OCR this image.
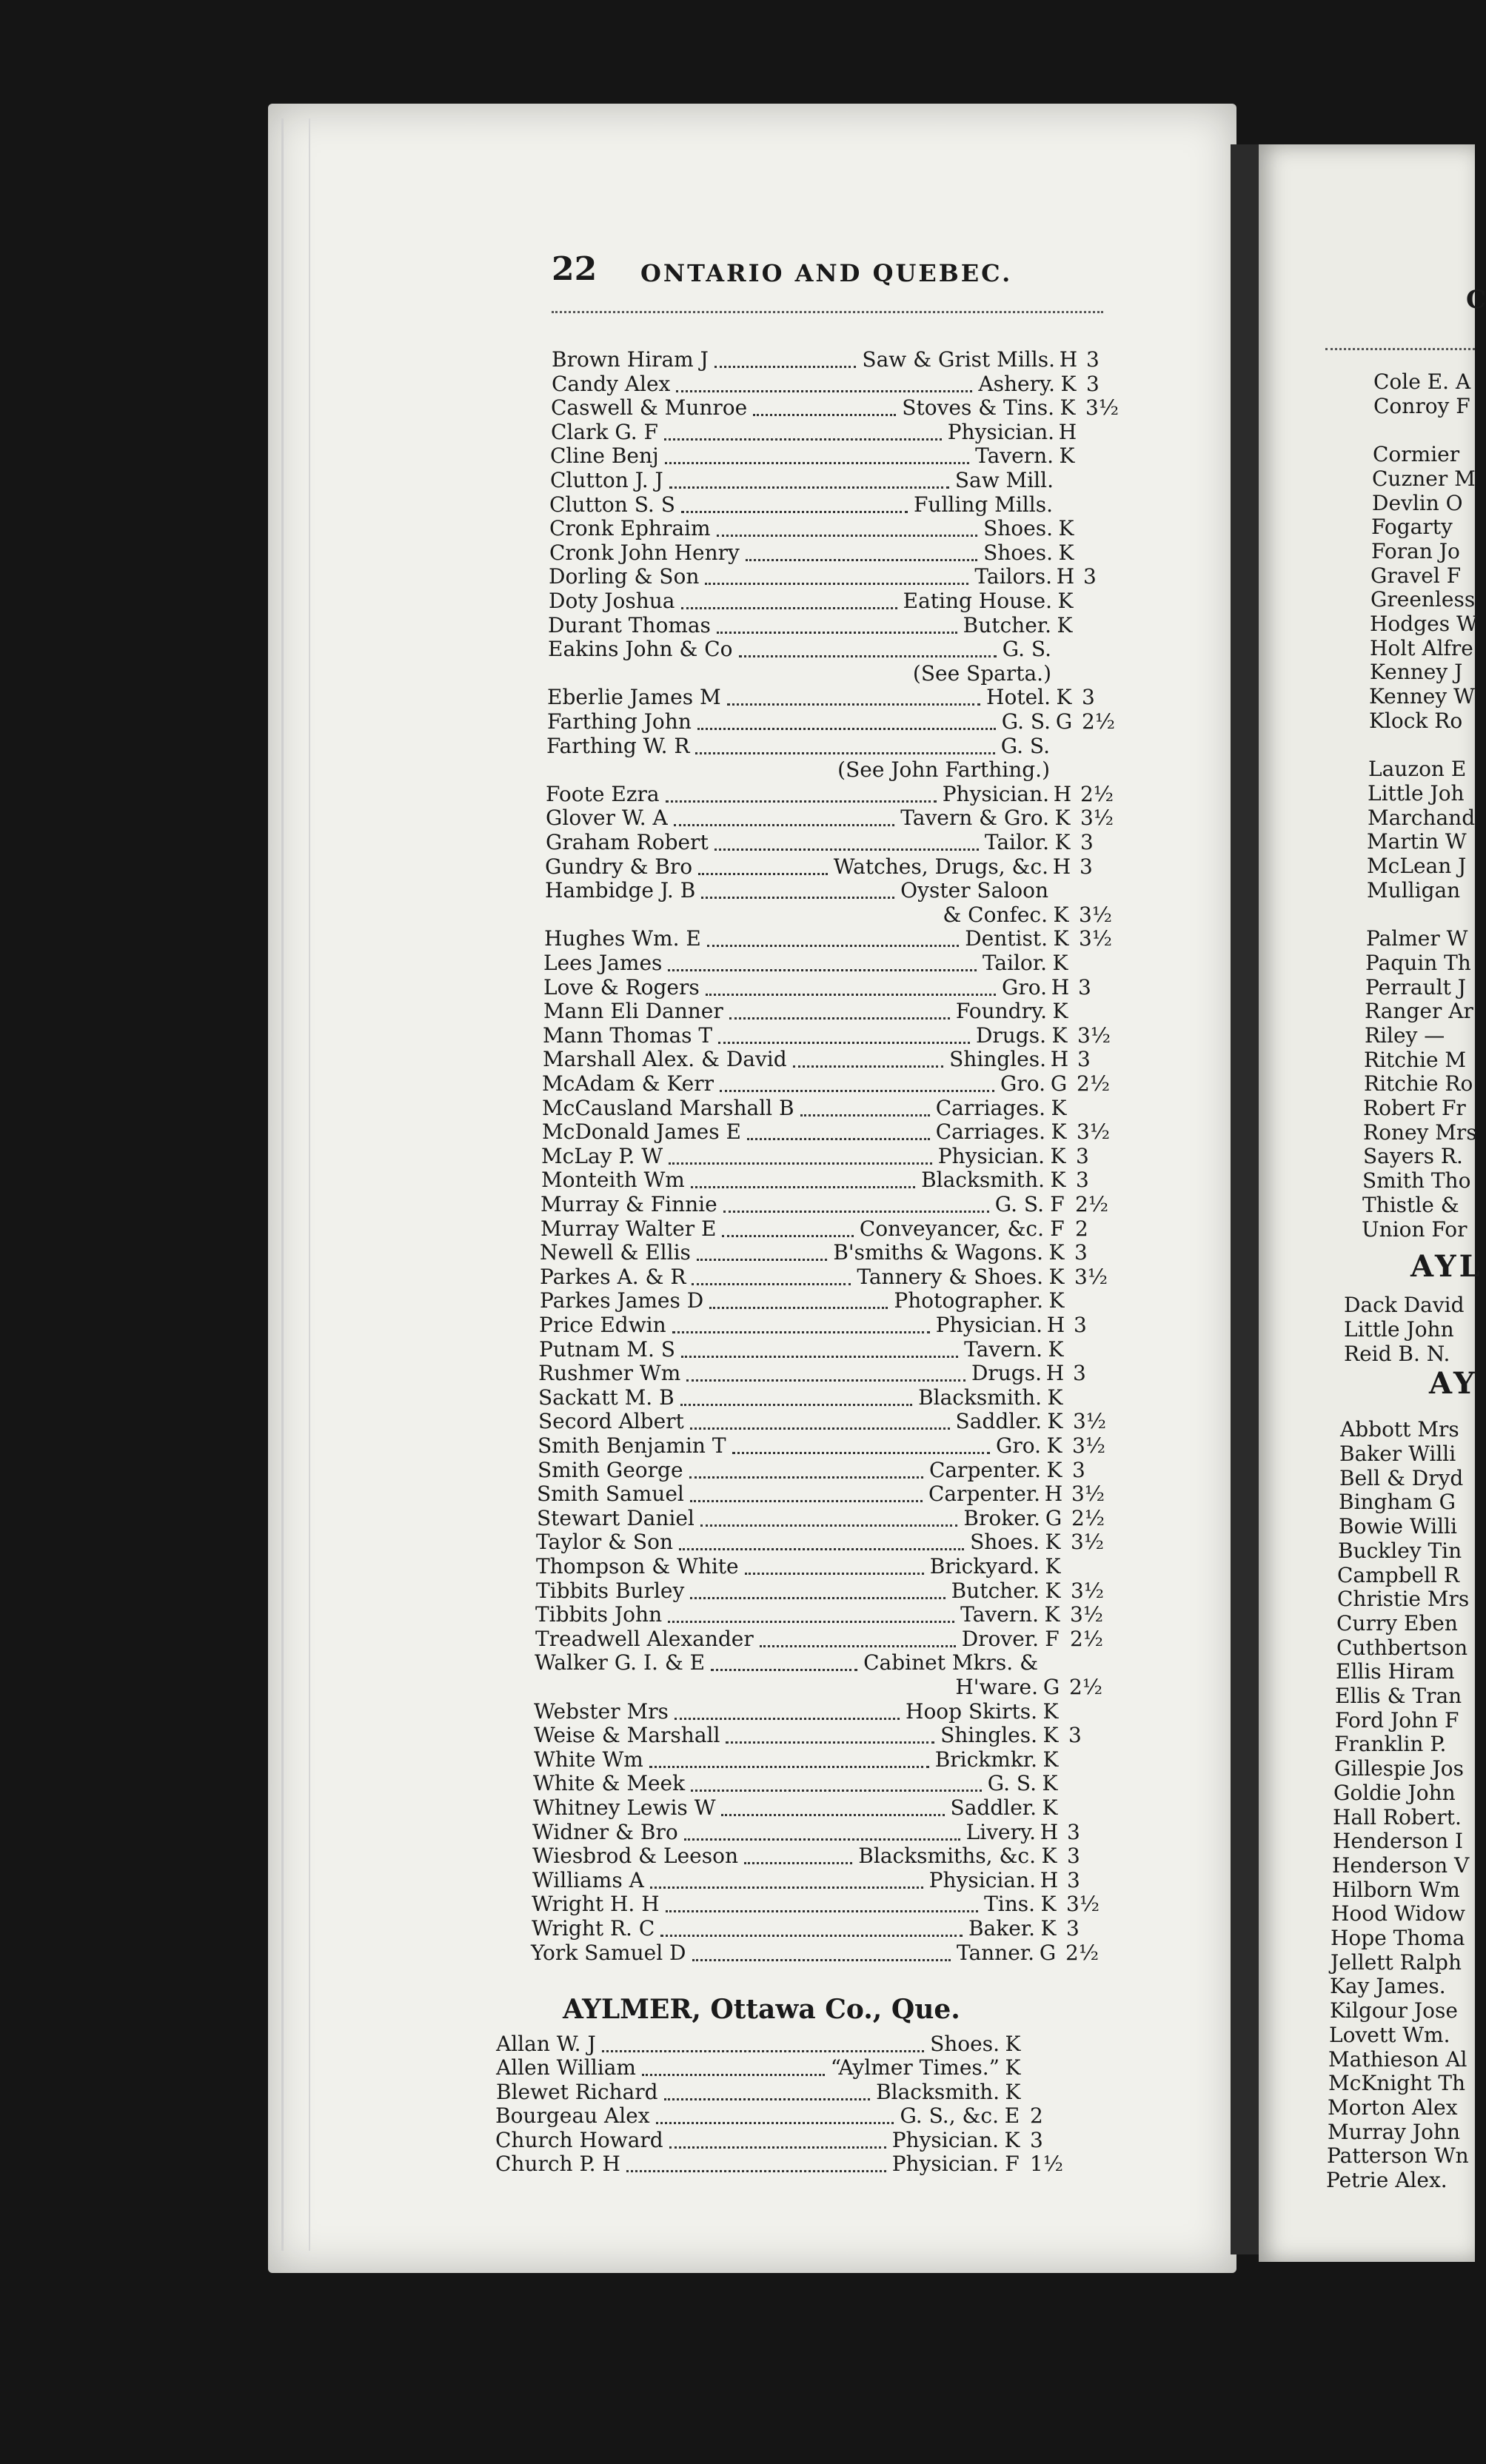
22 ONTARIO AND QUEBEC.
Brown Hiram J	Saw & Grist Mills. H 3
Candy Alex	Ashery. K 3
Caswell & Munroe	Stoves & Tins. K 3½
Clark G. F	Physician. H
Cline Benj	Tavern. K
Clutton J. J	Saw Mill.
Clutton S. S	Fulling Mills.
Cronk Ephraim	Shoes. K
Cronk John Henry	Shoes. K
Dorling & Son	Tailors. H 3
Doty Joshua	Eating House. K
Durant Thomas	Butcher. K
Eakins John & Co	G. S.
(See Sparta.)
Eberlie James M	Hotel. K 3
Farthing John	G. S. G 2½
Farthing W. R	G. S.
(See John Farthing.)
Foote Ezra	Physician. H 2½
Glover W. A	Tavern & Gro. K 3½
Graham Robert	Tailor. K 3
Gundry & Bro	Watches, Drugs, &c. H 3
Hambidge J. B	Oyster Saloon
& Confec. K 3½
Hughes Wm. E	Dentist. K 3½
Lees James	Tailor. K
Love & Rogers	Gro. H 3
Mann Eli Danner	Foundry. K
Mann Thomas T	Drugs. K 3½
Marshall Alex. & David	Shingles. H 3
McAdam & Kerr	Gro. G 2½
McCausland Marshall B	Carriages. K
McDonald James E	Carriages. K 3½
McLay P. W	Physician. K 3
Monteith Wm	Blacksmith. K 3
Murray & Finnie	G. S. F 2½
Murray Walter E	Conveyancer, &c. F 2
Newell & Ellis	B'smiths & Wagons. K 3
Parkes A. & R	Tannery & Shoes. K 3½
Parkes James D	Photographer. K
Price Edwin	Physician. H 3
Putnam M. S	Tavern. K
Rushmer Wm	Drugs. H 3
Sackatt M. B	Blacksmith. K
Secord Albert	Saddler. K 3½
Smith Benjamin T	Gro. K 3½
Smith George	Carpenter. K 3
Smith Samuel	Carpenter. H 3½
Stewart Daniel	Broker. G 2½
Taylor & Son	Shoes. K 3½
Thompson & White	Brickyard. K
Tibbits Burley	Butcher. K 3½
Tibbits John	Tavern. K 3½
Treadwell Alexander	Drover. F 2½
Walker G. I. & E	Cabinet Mkrs. &
H'ware. G 2½
Webster Mrs	Hoop Skirts. K
Weise & Marshall	Shingles. K 3
White Wm	Brickmkr. K
White & Meek	G. S. K
Whitney Lewis W	Saddler. K
Widner & Bro	Livery. H 3
Wiesbrod & Leeson	Blacksmiths, &c. K 3
Williams A	Physician. H 3
Wright H. H	Tins. K 3½
Wright R. C	Baker. K 3
York Samuel D	Tanner. G 2½
Allan W. J	Shoes. K
Allen William	“Aylmer Times.” K
Blewet Richard	Blacksmith. K
Bourgeau Alex	G. S., &c. E 2
Church Howard	Physician. K 3
Church P. H	Physician. F 1½
AYLMER, Ottawa Co., Que.
C
Cole E. A
Conroy F
Cormier
Cuzner M
Devlin O
Fogarty
Foran Jo
Gravel F
Greenless
Hodges W
Holt Alfre
Kenney J
Kenney W
Klock Ro
Lauzon E
Little Joh
Marchand
Martin W
McLean J
Mulligan
Palmer W
Paquin Th
Perrault J
Ranger Ar
Riley —
Ritchie M
Ritchie Ro
Robert Fr
Roney Mrs
Sayers R.
Smith Tho
Thistle &
Union For
AYL
Dack David
Little John
Reid B. N.
AY
Abbott Mrs
Baker Willi
Bell & Dryd
Bingham G
Bowie Willi
Buckley Tin
Campbell R
Christie Mrs
Curry Eben
Cuthbertson
Ellis Hiram
Ellis & Tran
Ford John F
Franklin P.
Gillespie Jos
Goldie John
Hall Robert.
Henderson I
Henderson V
Hilborn Wm
Hood Widow
Hope Thoma
Jellett Ralph
Kay James.
Kilgour Jose
Lovett Wm.
Mathieson Al
McKnight Th
Morton Alex
Murray John
Patterson Wn
Petrie Alex.
